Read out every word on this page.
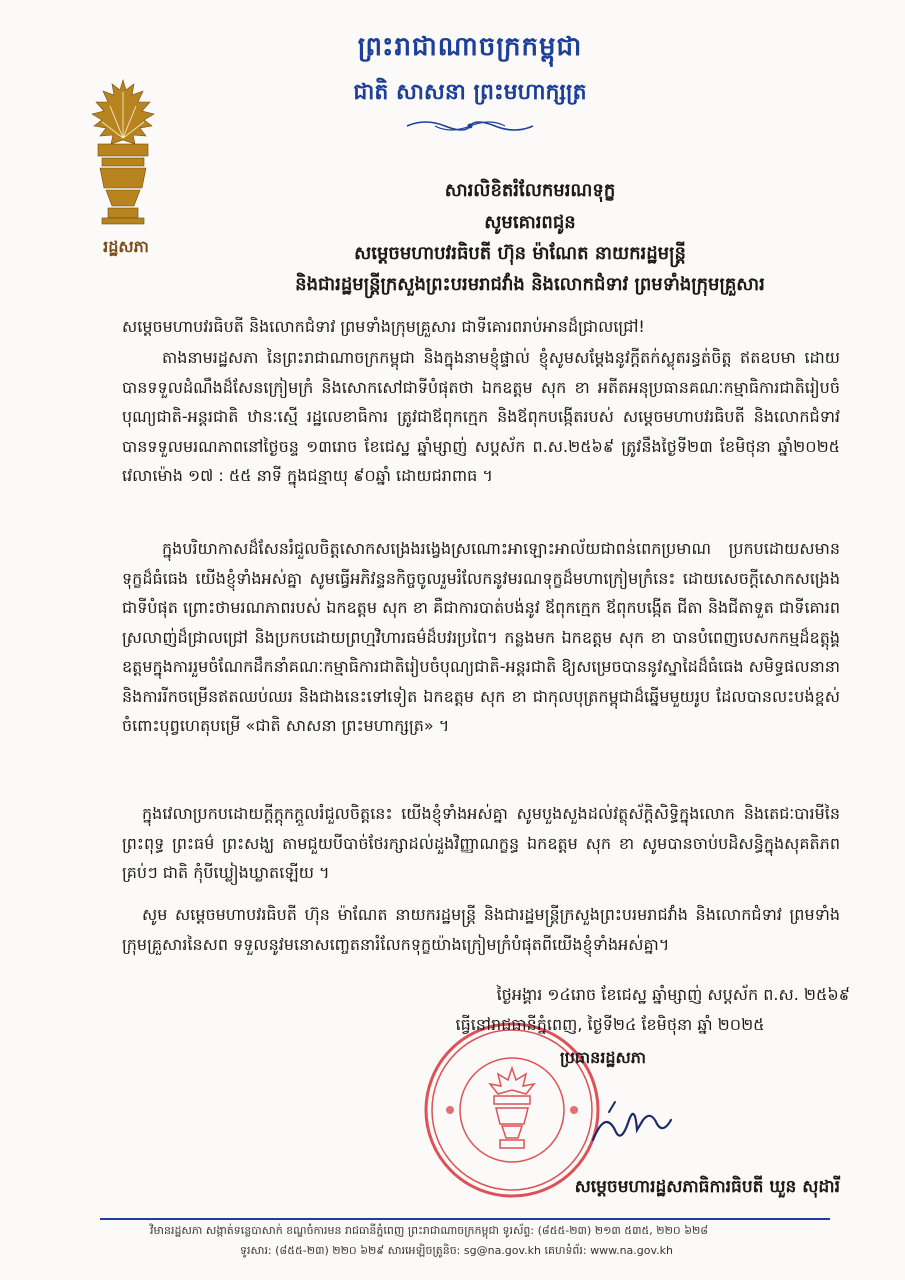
រដ្ឋសភា
ព្រះរាជាណាចក្រកម្ពុជា
ជាតិ សាសនា ព្រះមហាក្សត្រ
សារលិខិតរំលែកមរណទុក្ខ
សូមគោរពជូន
សម្តេចមហាបវរធិបតី ហ៊ុន ម៉ាណែត នាយករដ្ឋមន្ត្រី
និងជារដ្ឋមន្ត្រីក្រសួងព្រះបរមរាជវាំង និងលោកជំទាវ ព្រមទាំងក្រុមគ្រួសារ
សម្តេចមហាបវរធិបតី និងលោកជំទាវ ព្រមទាំងក្រុមគ្រួសារ ជាទីគោរពរាប់អានដ៏ជ្រាលជ្រៅ!
តាងនាមរដ្ឋសភា នៃព្រះរាជាណាចក្រកម្ពុជា និងក្នុងនាមខ្ញុំផ្ទាល់ ខ្ញុំសូមសម្តែងនូវក្តីតក់ស្លុតរន្ធត់ចិត្ត ឥតឧបមា ដោយបានទទួលដំណឹងដ៏សែនក្រៀមក្រំ និងសោកសៅជាទីបំផុតថា ឯកឧត្តម សុក ខា អតីតអនុប្រធានគណៈកម្មាធិការជាតិរៀបចំបុណ្យជាតិ-អន្តរជាតិ ឋានៈស្មើ រដ្ឋលេខាធិការ ត្រូវជាឪពុកក្មេក និងឪពុកបង្កើតរបស់ សម្តេចមហាបវរធិបតី និងលោកជំទាវ បានទទួលមរណភាពនៅថ្ងៃចន្ទ ១៣រោច ខែជេស្ឋ ឆ្នាំម្សាញ់ សប្តស័ក ព.ស.២៥៦៩ ត្រូវនឹងថ្ងៃទី២៣ ខែមិថុនា ឆ្នាំ២០២៥ វេលាម៉ោង ១៧ : ៥៥ នាទី ក្នុងជន្មាយុ ៩០ឆ្នាំ ដោយជរាពាធ ។
ក្នុងបរិយាកាសដ៏សែនរំជួលចិត្តសោកសង្រេងរង្វេងស្រណោះអាឡោះអាល័យជាពន់ពេកប្រមាណ ប្រកបដោយសមានទុក្ខដ៏ធំធេង យើងខ្ញុំទាំងអស់គ្នា សូមធ្វើអភិវន្ទនកិច្ចចូលរួមរំលែកនូវមរណទុក្ខដ៏មហាក្រៀមក្រំនេះ ដោយសេចក្តីសោកសង្រេងជាទីបំផុត ព្រោះថាមរណភាពរបស់ ឯកឧត្តម សុក ខា គឺជាការបាត់បង់នូវ ឪពុកក្មេក ឪពុកបង្កើត ជីតា និងជីតាទួត ជាទីគោរពស្រលាញ់ដ៏ជ្រាលជ្រៅ និងប្រកបដោយព្រហ្មវិហារធម៌ដ៏បវរប្រពៃ។ កន្លងមក ឯកឧត្តម សុក ខា បានបំពេញបេសកកម្មដ៏ឧត្តុង្គឧត្តមក្នុងការរួមចំណែកដឹកនាំគណៈកម្មាធិការជាតិរៀបចំបុណ្យជាតិ-អន្តរជាតិ ឱ្យសម្រេចបាននូវស្នាដៃដ៏ធំធេង សមិទ្ធផលនានា និងការរីកចម្រើនឥតឈប់ឈរ និងជាងនេះទៅទៀត ឯកឧត្តម សុក ខា ជាកុលបុត្រកម្ពុជាដ៏ឆ្នើមមួយរូប ដែលបានលះបង់ខ្ពស់ចំពោះបុព្វហេតុបម្រើ «ជាតិ សាសនា ព្រះមហាក្សត្រ» ។
ក្នុងវេលាប្រកបដោយក្តីក្តុកក្តួលរំជួលចិត្តនេះ យើងខ្ញុំទាំងអស់គ្នា សូមបួងសួងដល់វត្ថុស័ក្តិសិទ្ធិក្នុងលោក និងតេជៈបារមីនៃព្រះពុទ្ធ ព្រះធម៌ ព្រះសង្ឃ តាមជួយបីបាច់ថែរក្សាដល់ដួងវិញ្ញាណក្ខន្ធ ឯកឧត្តម សុក ខា សូមបានចាប់បដិសន្ធិក្នុងសុគតិភពគ្រប់ៗ ជាតិ កុំបីឃ្លៀងឃ្លាតឡើយ ។
សូម សម្តេចមហាបវរធិបតី ហ៊ុន ម៉ាណែត នាយករដ្ឋមន្ត្រី និងជារដ្ឋមន្ត្រីក្រសួងព្រះបរមរាជវាំង និងលោកជំទាវ ព្រមទាំងក្រុមគ្រួសារនៃសព ទទួលនូវមនោសញ្ចេតនារំលែកទុក្ខយ៉ាងក្រៀមក្រំបំផុតពីយើងខ្ញុំទាំងអស់គ្នា។
ថ្ងៃអង្គារ ១៤រោច ខែជេស្ឋ ឆ្នាំម្សាញ់ សប្តស័ក ព.ស. ២៥៦៩
ធ្វើនៅរាជធានីភ្នំពេញ, ថ្ងៃទី២៤ ខែមិថុនា ឆ្នាំ ២០២៥
ប្រធានរដ្ឋសភា
សម្តេចមហារដ្ឋសភាធិការធិបតី ឃួន សុដារី
វិមានរដ្ឋសភា សង្កាត់ទន្លេបាសាក់ ខណ្ឌចំការមន រាជធានីភ្នំពេញ ព្រះរាជាណាចក្រកម្ពុជា ទូរស័ព្ទ: (៨៥៥-២៣) ២១៣ ៥៣៥, ២២០ ៦២៨
ទូរសារ: (៨៥៥-២៣) ២២០ ៦២៩ សារអេឡិចត្រូនិច: sg@na.gov.kh គេហទំព័រ: www.na.gov.kh
